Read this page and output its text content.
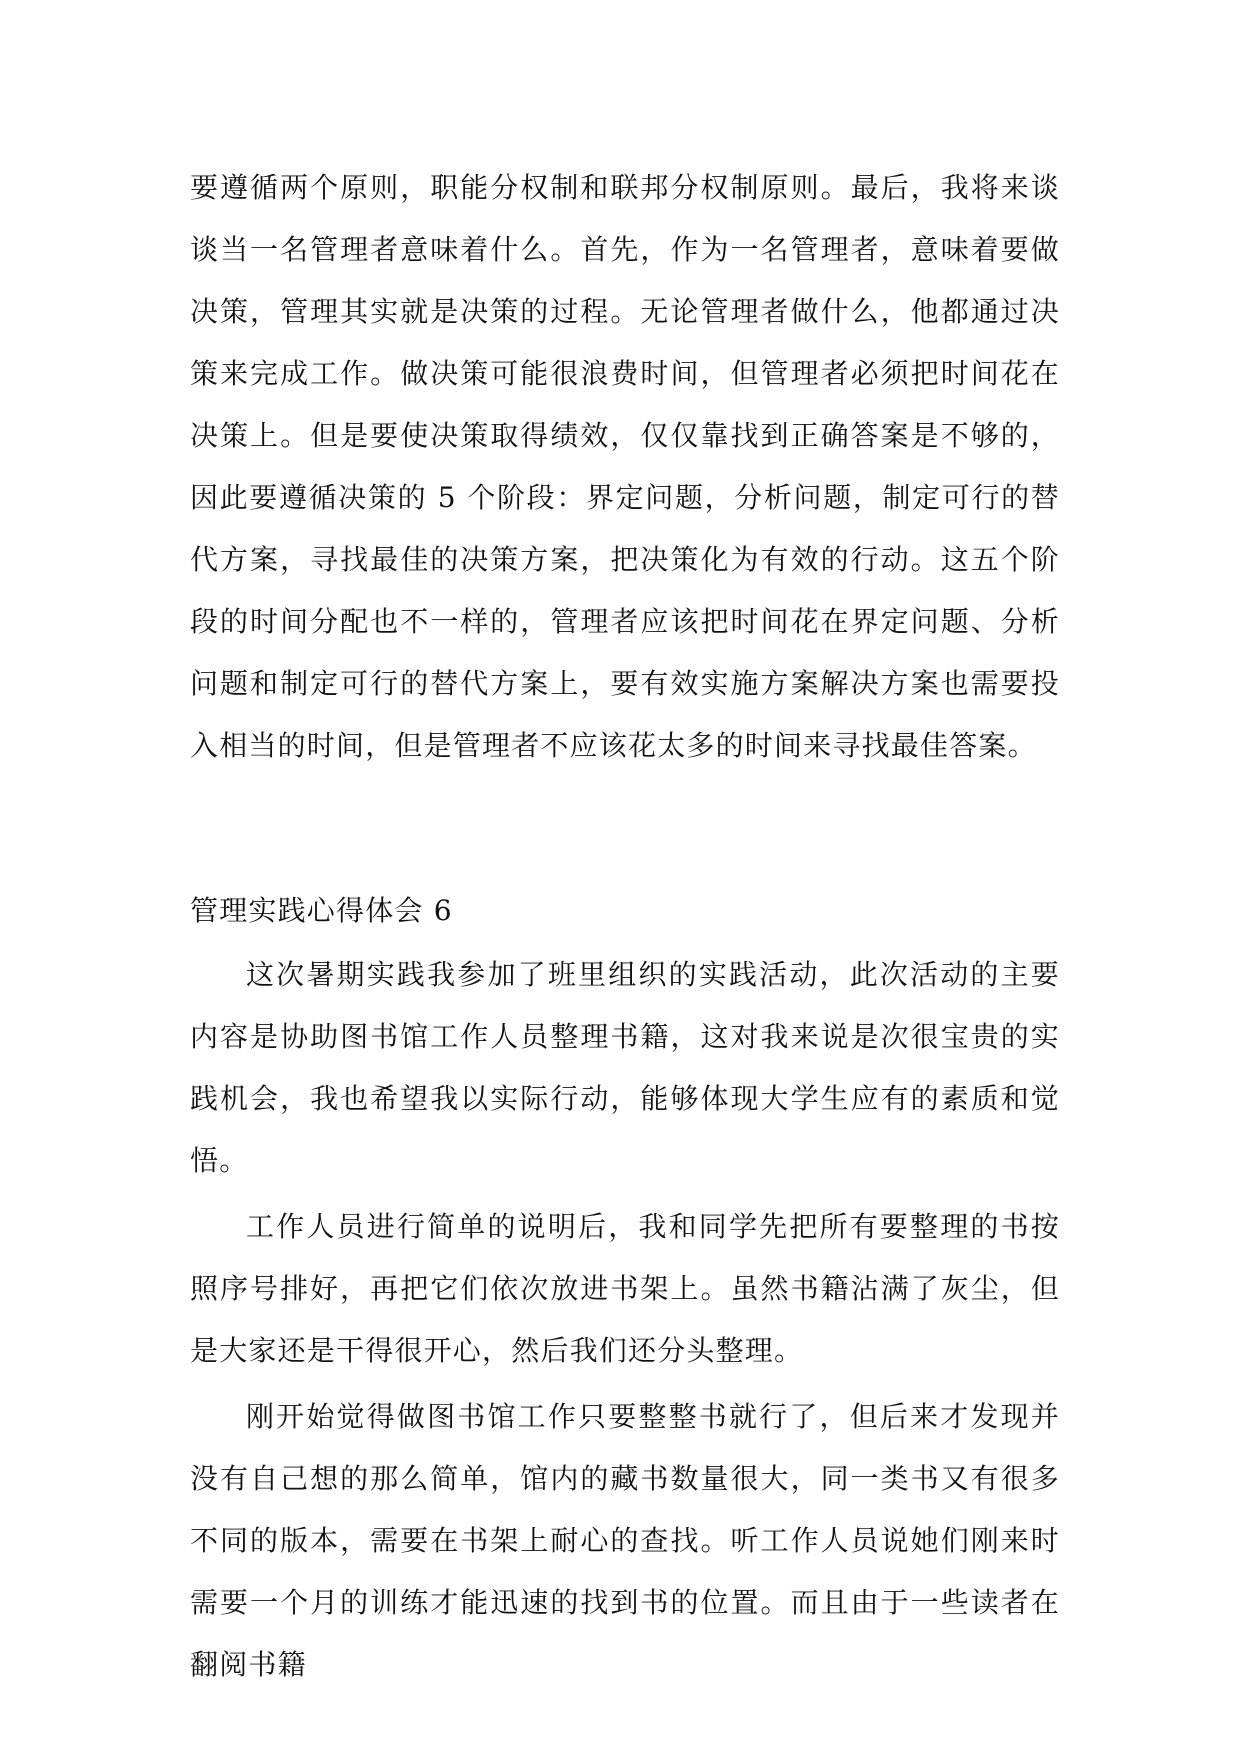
要遵循两个原则，职能分权制和联邦分权制原则。最后，我将来谈谈当一名管理者意味着什么。首先，作为一名管理者，意味着要做决策，管理其实就是决策的过程。无论管理者做什么，他都通过决策来完成工作。做决策可能很浪费时间，但管理者必须把时间花在决策上。但是要使决策取得绩效，仅仅靠找到正确答案是不够的，因此要遵循决策的 5 个阶段：界定问题，分析问题，制定可行的替代方案，寻找最佳的决策方案，把决策化为有效的行动。这五个阶段的时间分配也不一样的，管理者应该把时间花在界定问题、分析问题和制定可行的替代方案上，要有效实施方案解决方案也需要投入相当的时间，但是管理者不应该花太多的时间来寻找最佳答案。

管理实践心得体会 6

这次暑期实践我参加了班里组织的实践活动，此次活动的主要内容是协助图书馆工作人员整理书籍，这对我来说是次很宝贵的实践机会，我也希望我以实际行动，能够体现大学生应有的素质和觉悟。

工作人员进行简单的说明后，我和同学先把所有要整理的书按照序号排好，再把它们依次放进书架上。虽然书籍沾满了灰尘，但是大家还是干得很开心，然后我们还分头整理。

刚开始觉得做图书馆工作只要整整书就行了，但后来才发现并没有自己想的那么简单，馆内的藏书数量很大，同一类书又有很多不同的版本，需要在书架上耐心的查找。听工作人员说她们刚来时需要一个月的训练才能迅速的找到书的位置。而且由于一些读者在翻阅书籍
